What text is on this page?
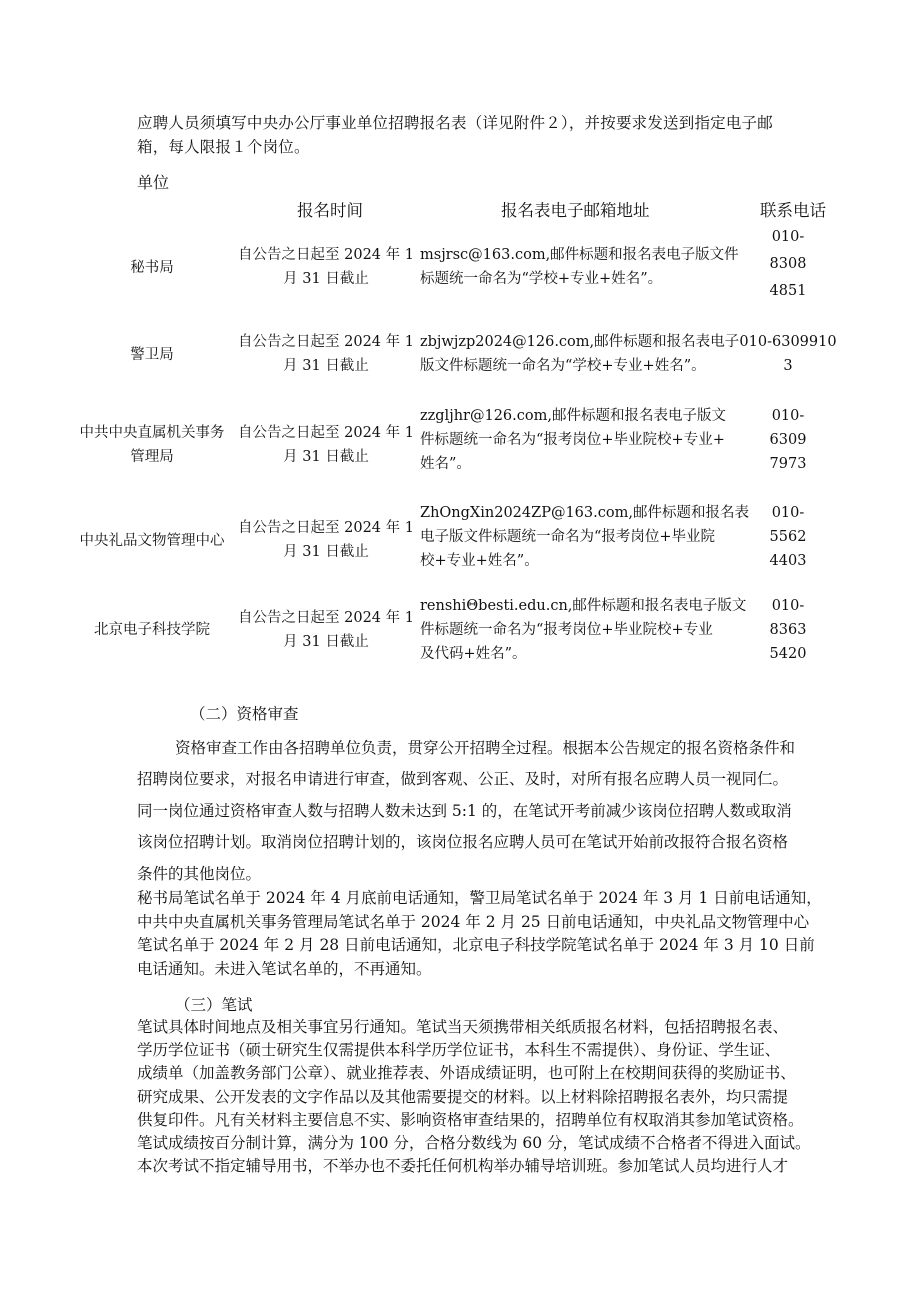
应聘人员须填写中央办公厅事业单位招聘报名表（详见附件２），并按要求发送到指定电子邮
箱，每人限报１个岗位。
单位
报名时间	报名表电子邮箱地址	联系电话
秘书局
自公告之日起至 2024 年 1
月 31 日截止
msjrsc@163.com,邮件标题和报名表电子版文件
标题统一命名为“学校+专业+姓名”。
010-
8308
4851
警卫局
自公告之日起至 2024 年 1
月 31 日截止
zbjwjzp2024@126.com,邮件标题和报名表电子
版文件标题统一命名为“学校+专业+姓名”。
010-6309910
3
中共中央直属机关事务
管理局
自公告之日起至 2024 年 1
月 31 日截止
zzgljhr@126.com,邮件标题和报名表电子版文
件标题统一命名为“报考岗位+毕业院校+专业+
姓名”。
010-
6309
7973
中央礼品文物管理中心
自公告之日起至 2024 年 1
月 31 日截止
ZhOngXin2024ZP@163.com,邮件标题和报名表
电子版文件标题统一命名为“报考岗位+毕业院
校+专业+姓名”。
010-
5562
4403
北京电子科技学院
自公告之日起至 2024 年 1
月 31 日截止
renshiΘbesti.edu.cn,邮件标题和报名表电子版文
件标题统一命名为“报考岗位+毕业院校+专业
及代码+姓名”。
010-
8363
5420
（二）资格审查
资格审查工作由各招聘单位负责，贯穿公开招聘全过程。根据本公告规定的报名资格条件和
招聘岗位要求，对报名申请进行审查，做到客观、公正、及时，对所有报名应聘人员一视同仁。
同一岗位通过资格审查人数与招聘人数未达到 5:1 的，在笔试开考前减少该岗位招聘人数或取消
该岗位招聘计划。取消岗位招聘计划的，该岗位报名应聘人员可在笔试开始前改报符合报名资格
条件的其他岗位。
秘书局笔试名单于 2024 年 4 月底前电话通知，警卫局笔试名单于 2024 年 3 月 1 日前电话通知，
中共中央直属机关事务管理局笔试名单于 2024 年 2 月 25 日前电话通知，中央礼品文物管理中心
笔试名单于 2024 年 2 月 28 日前电话通知，北京电子科技学院笔试名单于 2024 年 3 月 10 日前
电话通知。未进入笔试名单的，不再通知。
（三）笔试
笔试具体时间地点及相关事宜另行通知。笔试当天须携带相关纸质报名材料，包括招聘报名表、
学历学位证书（硕士研究生仅需提供本科学历学位证书，本科生不需提供）、身份证、学生证、
成绩单（加盖教务部门公章）、就业推荐表、外语成绩证明，也可附上在校期间获得的奖励证书、
研究成果、公开发表的文字作品以及其他需要提交的材料。以上材料除招聘报名表外，均只需提
供复印件。凡有关材料主要信息不实、影响资格审查结果的，招聘单位有权取消其参加笔试资格。
笔试成绩按百分制计算，满分为 100 分，合格分数线为 60 分，笔试成绩不合格者不得进入面试。
本次考试不指定辅导用书，不举办也不委托任何机构举办辅导培训班。参加笔试人员均进行人才
